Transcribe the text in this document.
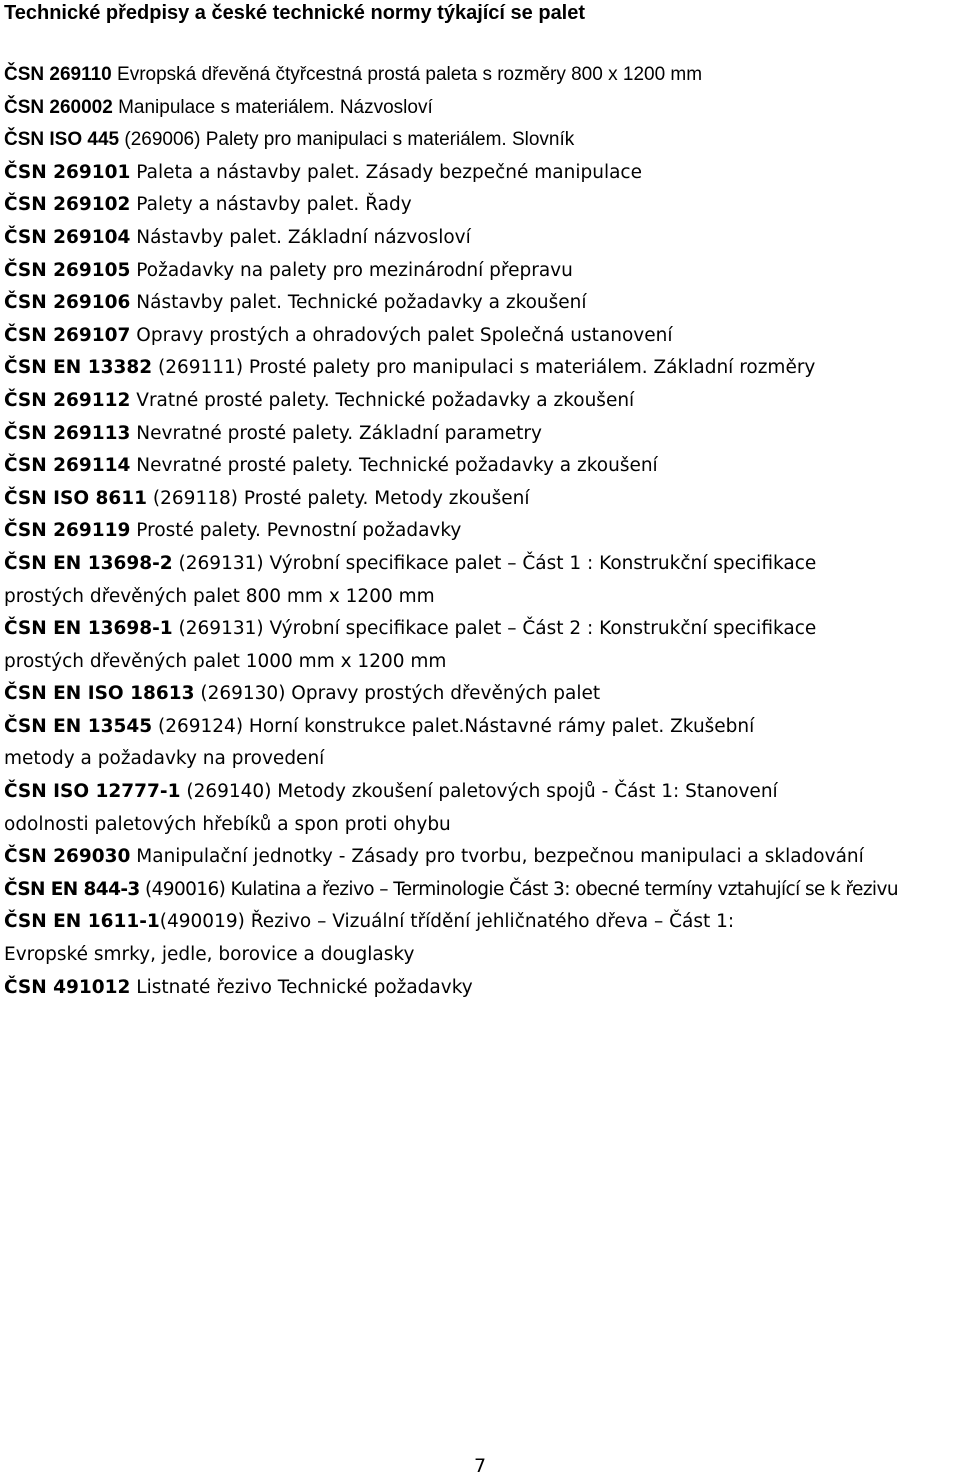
Technické předpisy a české technické normy týkající se palet
ČSN 269110 Evropská dřevěná čtyřcestná prostá paleta s rozměry 800 x 1200 mm
ČSN 260002 Manipulace s materiálem. Názvosloví
ČSN ISO 445 (269006) Palety pro manipulaci s materiálem. Slovník
ČSN 269101 Paleta a nástavby palet. Zásady bezpečné manipulace
ČSN 269102 Palety a nástavby palet. Řady
ČSN 269104 Nástavby palet. Základní názvosloví
ČSN 269105 Požadavky na palety pro mezinárodní přepravu
ČSN 269106 Nástavby palet. Technické požadavky a zkoušení
ČSN 269107 Opravy prostých a ohradových palet Společná ustanovení
ČSN EN 13382 (269111) Prosté palety pro manipulaci s materiálem. Základní rozměry
ČSN 269112 Vratné prosté palety. Technické požadavky a zkoušení
ČSN 269113 Nevratné prosté palety. Základní parametry
ČSN 269114 Nevratné prosté palety. Technické požadavky a zkoušení
ČSN ISO 8611 (269118) Prosté palety. Metody zkoušení
ČSN 269119 Prosté palety. Pevnostní požadavky
ČSN EN 13698-2 (269131) Výrobní specifikace palet – Část 1 : Konstrukční specifikace
prostých dřevěných palet 800 mm x 1200 mm
ČSN EN 13698-1 (269131) Výrobní specifikace palet – Část 2 : Konstrukční specifikace
prostých dřevěných palet 1000 mm x 1200 mm
ČSN EN ISO 18613 (269130) Opravy prostých dřevěných palet
ČSN EN 13545 (269124) Horní konstrukce palet.Nástavné rámy palet. Zkušební
metody a požadavky na provedení
ČSN ISO 12777-1 (269140) Metody zkoušení paletových spojů - Část 1: Stanovení
odolnosti paletových hřebíků a spon proti ohybu
ČSN 269030 Manipulační jednotky - Zásady pro tvorbu, bezpečnou manipulaci a skladování
ČSN EN 844-3 (490016) Kulatina a řezivo – Terminologie Část 3: obecné termíny vztahující se k řezivu
ČSN EN 1611-1(490019) Řezivo – Vizuální třídění jehličnatého dřeva – Část 1:
Evropské smrky, jedle, borovice a douglasky
ČSN 491012 Listnaté řezivo Technické požadavky
7
